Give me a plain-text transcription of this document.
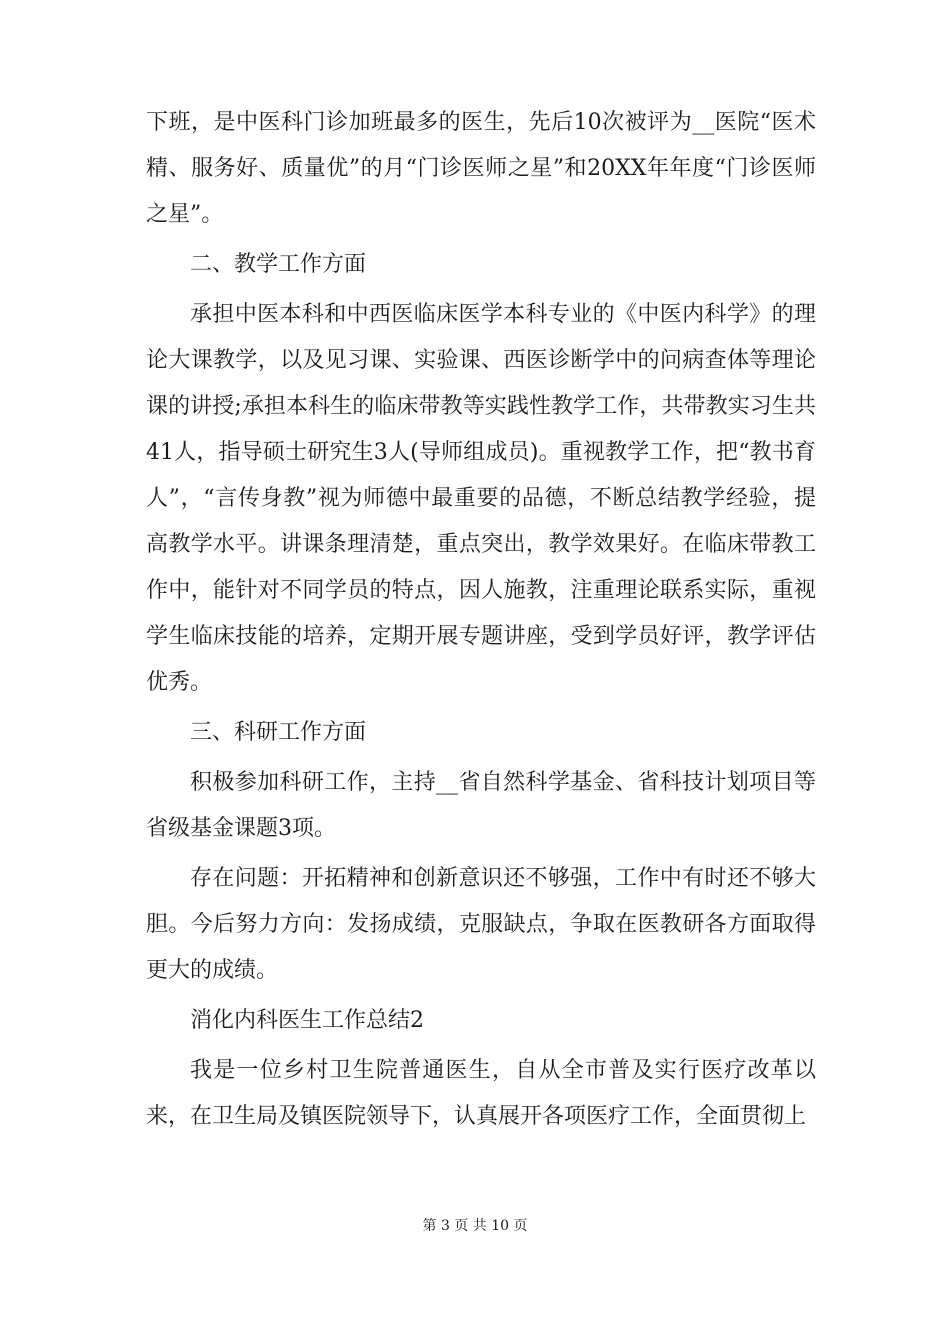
下班，是中医科门诊加班最多的医生，先后10次被评为__医院“医术精、服务好、质量优”的月“门诊医师之星”和20XX年年度“门诊医师之星”。

二、教学工作方面

承担中医本科和中西医临床医学本科专业的《中医内科学》的理论大课教学，以及见习课、实验课、西医诊断学中的问病查体等理论课的讲授;承担本科生的临床带教等实践性教学工作，共带教实习生共41人，指导硕士研究生3人(导师组成员)。重视教学工作，把“教书育人”，“言传身教”视为师德中最重要的品德，不断总结教学经验，提高教学水平。讲课条理清楚，重点突出，教学效果好。在临床带教工作中，能针对不同学员的特点，因人施教，注重理论联系实际，重视学生临床技能的培养，定期开展专题讲座，受到学员好评，教学评估优秀。

三、科研工作方面

积极参加科研工作，主持__省自然科学基金、省科技计划项目等省级基金课题3项。

存在问题：开拓精神和创新意识还不够强，工作中有时还不够大胆。今后努力方向：发扬成绩，克服缺点，争取在医教研各方面取得更大的成绩。

消化内科医生工作总结2

我是一位乡村卫生院普通医生，自从全市普及实行医疗改革以来，在卫生局及镇医院领导下，认真展开各项医疗工作，全面贯彻上

第 3 页 共 10 页
